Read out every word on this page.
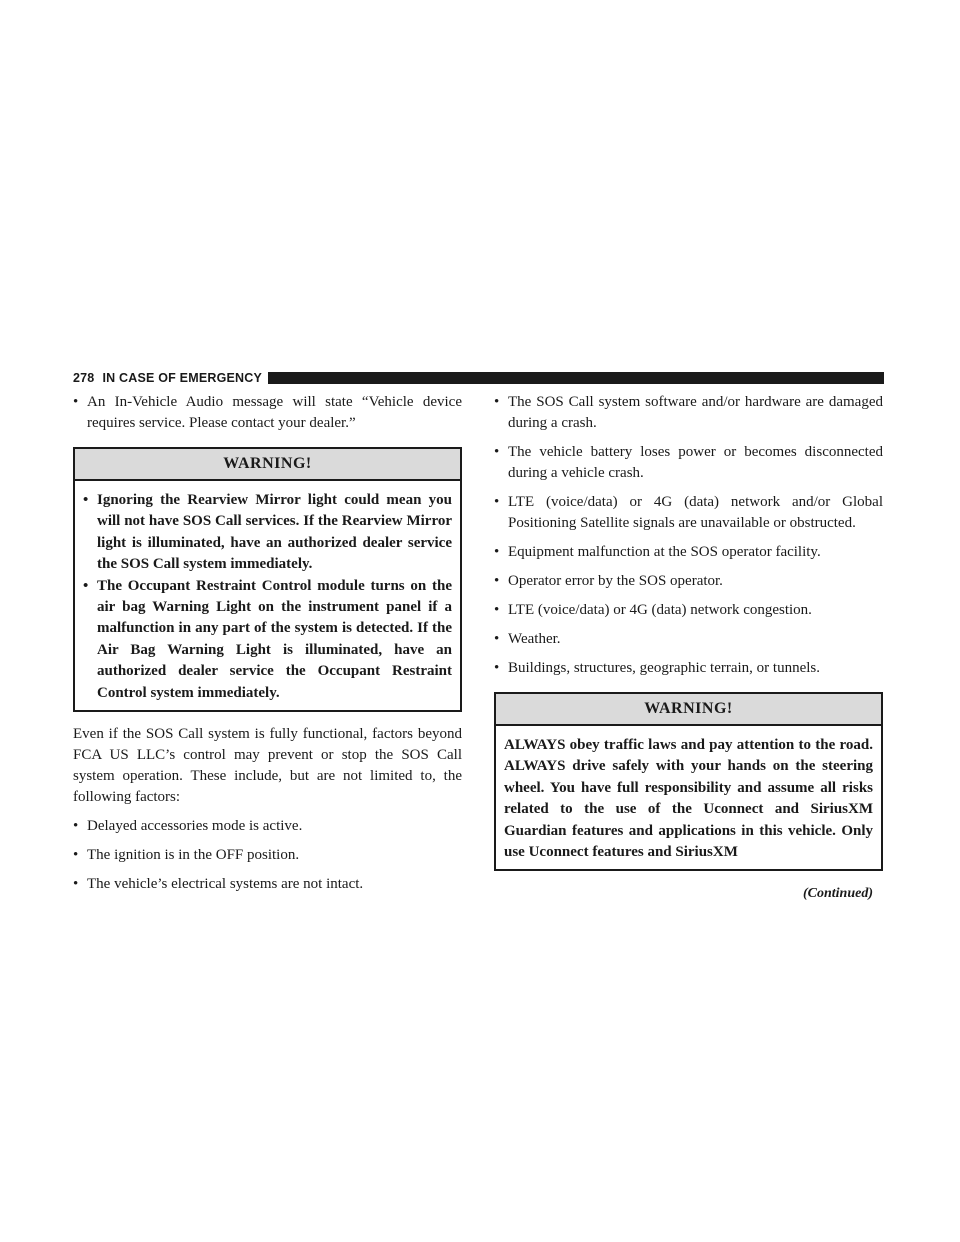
278 IN CASE OF EMERGENCY
• An In-Vehicle Audio message will state “Vehicle device requires service. Please contact your dealer.”
WARNING!
• Ignoring the Rearview Mirror light could mean you will not have SOS Call services. If the Rearview Mirror light is illuminated, have an authorized dealer service the SOS Call system immediately.
• The Occupant Restraint Control module turns on the air bag Warning Light on the instrument panel if a malfunction in any part of the system is detected. If the Air Bag Warning Light is illuminated, have an authorized dealer service the Occupant Restraint Control system immediately.

Even if the SOS Call system is fully functional, factors beyond FCA US LLC’s control may prevent or stop the SOS Call system operation. These include, but are not limited to, the following factors:

• Delayed accessories mode is active.
• The ignition is in the OFF position.
• The vehicle’s electrical systems are not intact.
• The SOS Call system software and/or hardware are damaged during a crash.
• The vehicle battery loses power or becomes disconnected during a vehicle crash.
• LTE (voice/data) or 4G (data) network and/or Global Positioning Satellite signals are unavailable or obstructed.
• Equipment malfunction at the SOS operator facility.
• Operator error by the SOS operator.
• LTE (voice/data) or 4G (data) network congestion.
• Weather.
• Buildings, structures, geographic terrain, or tunnels.
WARNING!

ALWAYS obey traffic laws and pay attention to the road. ALWAYS drive safely with your hands on the steering wheel. You have full responsibility and assume all risks related to the use of the Uconnect and SiriusXM Guardian features and applications in this vehicle. Only use Uconnect features and SiriusXM

(Continued)
